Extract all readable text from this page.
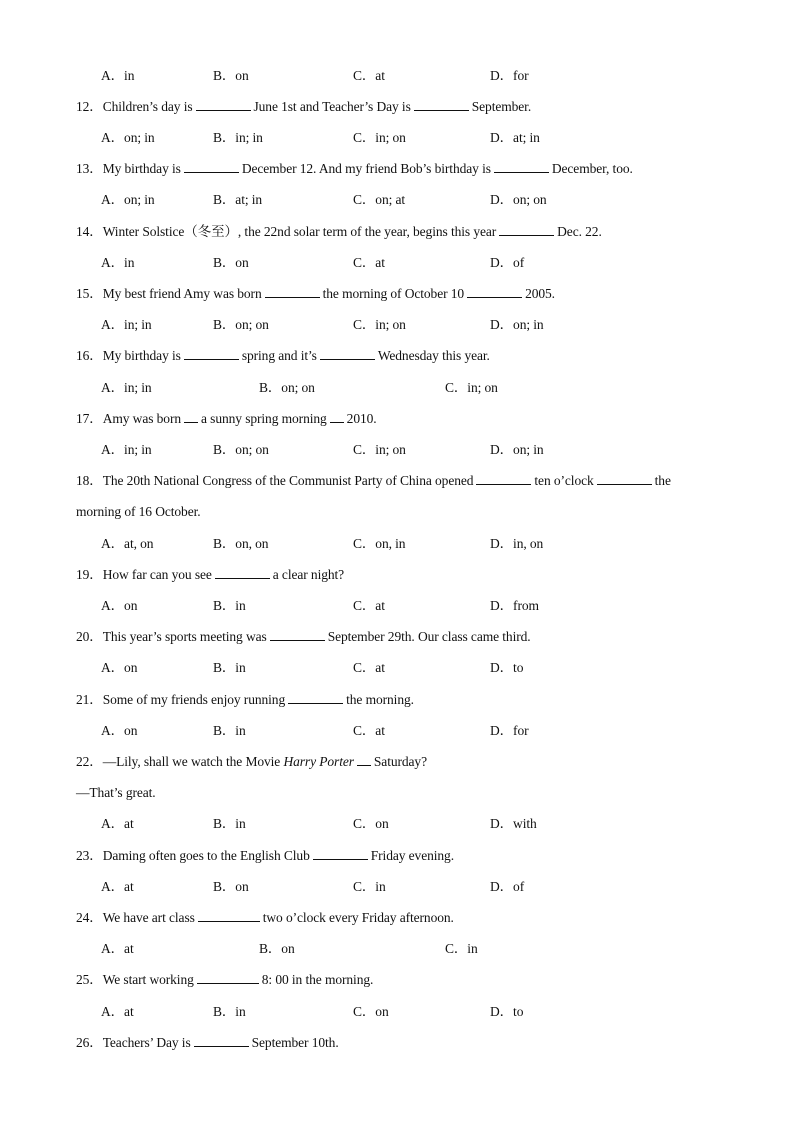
A．in	B．on	C．at	D．for
12．Children’s day is	June 1st and Teacher’s Day is	September.
A．on; in	B．in; in	C．in; on	D．at; in
13．My birthday is	December 12. And my friend Bob’s birthday is	December, too.
A．on; in	B．at; in	C．on; at	D．on; on
14．Winter Solstice（冬至）, the 22nd solar term of the year, begins this year	Dec. 22.
A．in	B．on	C．at	D．of
15．My best friend Amy was born	the morning of October 10	2005.
A．in; in	B．on; on	C．in; on	D．on; in
16．My birthday is	spring and it’s	Wednesday this year.
A．in; in	B．on; on	C．in; on
17．Amy was born a sunny spring morning 2010.
A．in; in	B．on; on	C．in; on	D．on; in
18．The 20th National Congress of the Communist Party of China opened	ten o’clock	the
morning of 16 October.
A．at, on	B．on, on	C．on, in	D．in, on
19．How far can you see	a clear night?
A．on	B．in	C．at	D．from
20．This year’s sports meeting was	September 29th. Our class came third.
A．on	B．in	C．at	D．to
21．Some of my friends enjoy running	the morning.
A．on	B．in	C．at	D．for
22．—Lily, shall we watch the Movie Harry Porter Saturday?
—That’s great.
A．at	B．in	C．on	D．with
23．Daming often goes to the English Club	Friday evening.
A．at	B．on	C．in	D．of
24．We have art class	two o’clock every Friday afternoon.
A．at	B．on	C．in
25．We start working	8: 00 in the morning.
A．at	B．in	C．on	D．to
26．Teachers’ Day is	September 10th.
